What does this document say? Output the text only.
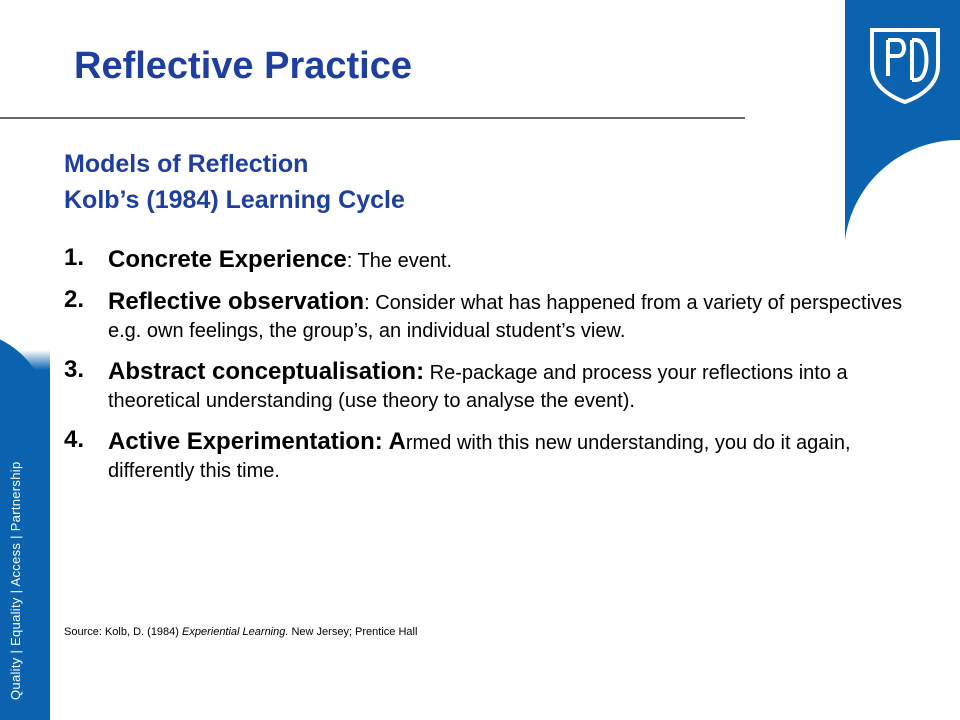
Quality | Equality | Access | Partnership
Reflective Practice
Models of Reflection
Kolb’s (1984) Learning Cycle
1. Concrete Experience: The event.
2. Reflective observation: Consider what has happened from a variety of perspectives e.g. own feelings, the group’s, an individual student’s view.
3. Abstract conceptualisation: Re-package and process your reflections into a theoretical understanding (use theory to analyse the event).
4. Active Experimentation: Armed with this new understanding, you do it again, differently this time.
Source: Kolb, D. (1984) Experiential Learning. New Jersey; Prentice Hall
